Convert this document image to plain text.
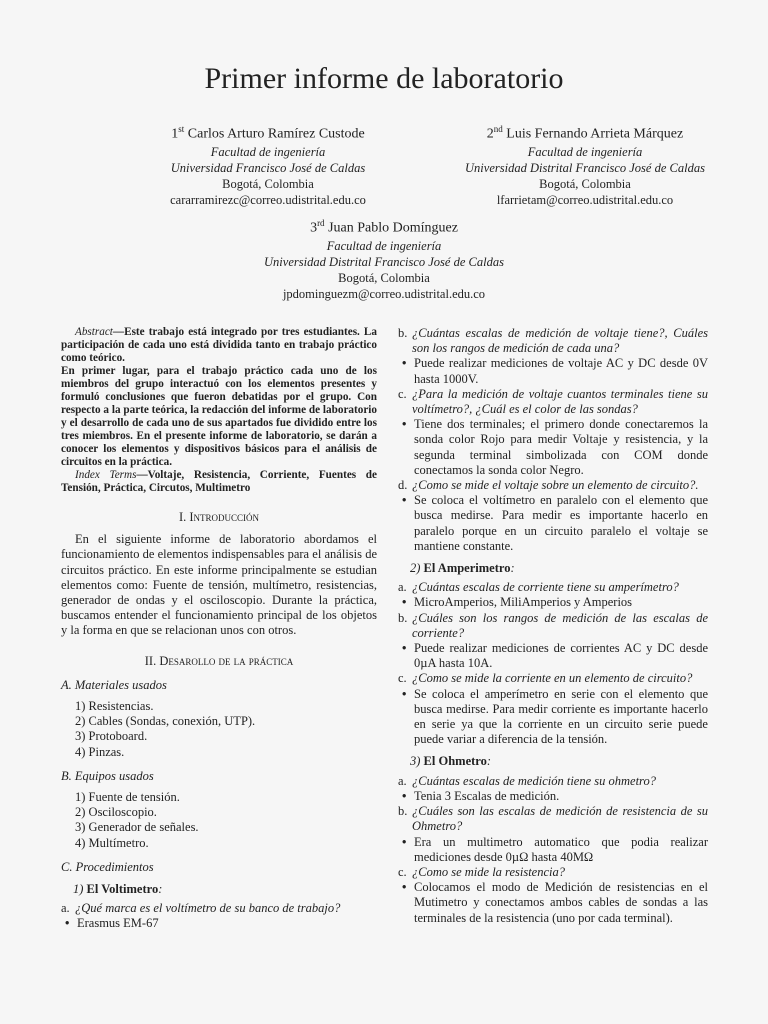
Primer informe de laboratorio
1st Carlos Arturo Ramírez Custode
Facultad de ingeniería
Universidad Francisco José de Caldas
Bogotá, Colombia
cararramirezc@correo.udistrital.edu.co
2nd Luis Fernando Arrieta Márquez
Facultad de ingeniería
Universidad Distrital Francisco José de Caldas
Bogotá, Colombia
lfarrietam@correo.udistrital.edu.co
3rd Juan Pablo Domínguez
Facultad de ingeniería
Universidad Distrital Francisco José de Caldas
Bogotá, Colombia
jpdominguezm@correo.udistrital.edu.co

Abstract—Este trabajo está integrado por tres estudiantes. La participación de cada uno está dividida tanto en trabajo práctico como teórico.

En primer lugar, para el trabajo práctico cada uno de los miembros del grupo interactuó con los elementos presentes y formuló conclusiones que fueron debatidas por el grupo. Con respecto a la parte teórica, la redacción del informe de laboratorio y el desarrollo de cada uno de sus apartados fue dividido entre los tres miembros. En el presente informe de laboratorio, se darán a conocer los elementos y dispositivos básicos para el análisis de circuitos en la práctica.

Index Terms—Voltaje, Resistencia, Corriente, Fuentes de Tensión, Práctica, Circutos, Multimetro

I. Introducción

En el siguiente informe de laboratorio abordamos el funcionamiento de elementos indispensables para el análisis de circuitos práctico. En este informe principalmente se estudian elementos como: Fuente de tensión, multímetro, resistencias, generador de ondas y el osciloscopio. Durante la práctica, buscamos entender el funcionamiento principal de los objetos y la forma en que se relacionan unos con otros.

II. Desarollo de la práctica
A. Materiales usados
1) Resistencias.
2) Cables (Sondas, conexión, UTP).
3) Protoboard.
4) Pinzas.
B. Equipos usados
1) Fuente de tensión.
2) Osciloscopio.
3) Generador de señales.
4) Multímetro.
C. Procedimientos
1) El Voltimetro:
a. ¿Qué marca es el voltímetro de su banco de trabajo?
• Erasmus EM-67
b. ¿Cuántas escalas de medición de voltaje tiene?, Cuáles son los rangos de medición de cada una?
• Puede realizar mediciones de voltaje AC y DC desde 0V hasta 1000V.
c. ¿Para la medición de voltaje cuantos terminales tiene su voltímetro?, ¿Cuál es el color de las sondas?
• Tiene dos terminales; el primero donde conectaremos la sonda color Rojo para medir Voltaje y resistencia, y la segunda terminal simbolizada con COM donde conectamos la sonda color Negro.
d. ¿Como se mide el voltaje sobre un elemento de circuito?.
• Se coloca el voltímetro en paralelo con el elemento que busca medirse. Para medir es importante hacerlo en paralelo porque en un circuito paralelo el voltaje se mantiene constante.
2) El Amperimetro:
a. ¿Cuántas escalas de corriente tiene su amperímetro?
• MicroAmperios, MiliAmperios y Amperios
b. ¿Cuáles son los rangos de medición de las escalas de corriente?
• Puede realizar mediciones de corrientes AC y DC desde 0µA hasta 10A.
c. ¿Como se mide la corriente en un elemento de circuito?
• Se coloca el amperímetro en serie con el elemento que busca medirse. Para medir corriente es importante hacerlo en serie ya que la corriente en un circuito serie puede puede variar a diferencia de la tensión.
3) El Ohmetro:
a. ¿Cuántas escalas de medición tiene su ohmetro?
• Tenia 3 Escalas de medición.
b. ¿Cuáles son las escalas de medición de resistencia de su Ohmetro?
• Era un multimetro automatico que podia realizar mediciones desde 0µΩ hasta 40MΩ
c. ¿Como se mide la resistencia?
• Colocamos el modo de Medición de resistencias en el Mutimetro y conectamos ambos cables de sondas a las terminales de la resistencia (uno por cada terminal).
